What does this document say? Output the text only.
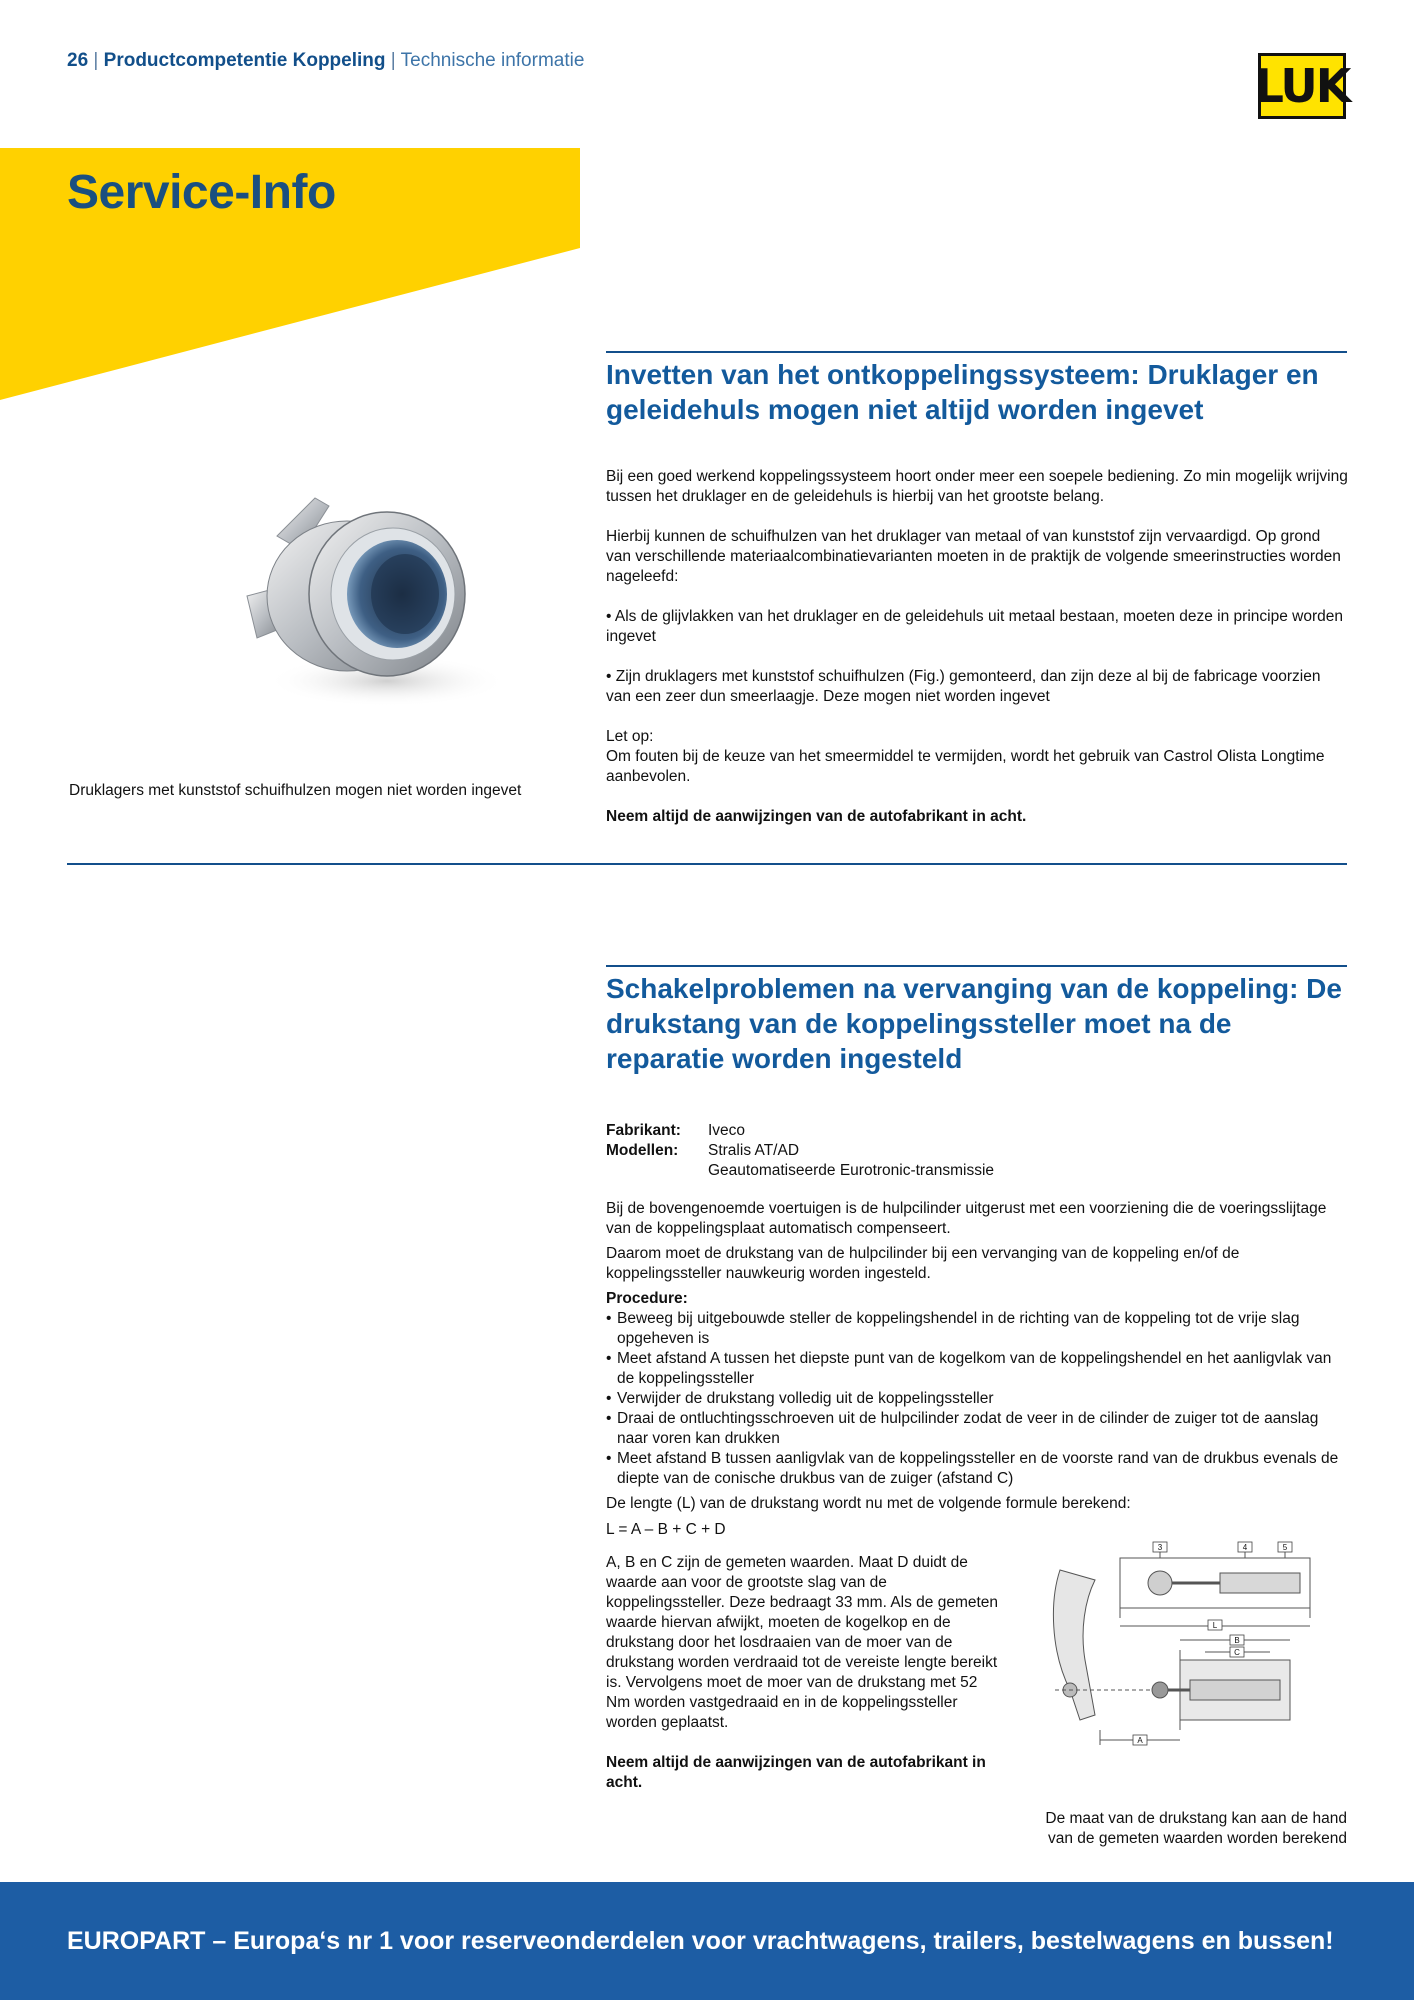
26 | Productcompetentie Koppeling | Technische informatie	LUK
Service-Info
Invetten van het ontkoppelingssysteem: Druklager en geleidehuls mogen niet altijd worden ingevet

Bij een goed werkend koppelingssysteem hoort onder meer een soepele bediening. Zo min mogelijk wrijving tussen het druklager en de geleidehuls is hierbij van het grootste belang.

Hierbij kunnen de schuifhulzen van het druklager van metaal of van kunststof zijn vervaardigd. Op grond van verschillende materiaalcombinatievarianten moeten in de praktijk de volgende smeerinstructies worden nageleefd:

• Als de glijvlakken van het druklager en de geleidehuls uit metaal bestaan, moeten deze in principe worden ingevet

• Zijn druklagers met kunststof schuifhulzen (Fig.) gemonteerd, dan zijn deze al bij de fabricage voorzien van een zeer dun smeerlaagje. Deze mogen niet worden ingevet

Let op:
Om fouten bij de keuze van het smeermiddel te vermijden, wordt het gebruik van Castrol Olista Longtime aanbevolen.

Neem altijd de aanwijzingen van de autofabrikant in acht.

Druklagers met kunststof schuifhulzen mogen niet worden ingevet
Schakelproblemen na vervanging van de koppeling: De drukstang van de koppelingssteller moet na de reparatie worden ingesteld
Fabrikant:	Iveco
Modellen:	Stralis AT/AD
	Geautomatiseerde Eurotronic-transmissie
Bij de bovengenoemde voertuigen is de hulpcilinder uitgerust met een voorziening die de voeringsslijtage van de koppelingsplaat automatisch compenseert.
Daarom moet de drukstang van de hulpcilinder bij een vervanging van de koppeling en/of de koppelingssteller nauwkeurig worden ingesteld.
Procedure:
• Beweeg bij uitgebouwde steller de koppelingshendel in de richting van de koppeling tot de vrije slag opgeheven is
• Meet afstand A tussen het diepste punt van de kogelkom van de koppelingshendel en het aanligvlak van de koppelingssteller
• Verwijder de drukstang volledig uit de koppelingssteller
• Draai de ontluchtingsschroeven uit de hulpcilinder zodat de veer in de cilinder de zuiger tot de aanslag naar voren kan drukken
• Meet afstand B tussen aanligvlak van de koppelingssteller en de voorste rand van de drukbus evenals de diepte van de conische drukbus van de zuiger (afstand C)
De lengte (L) van de drukstang wordt nu met de volgende formule berekend:
L = A – B + C + D
A, B en C zijn de gemeten waarden. Maat D duidt de waarde aan voor de grootste slag van de koppelingssteller. Deze bedraagt 33 mm. Als de gemeten waarde hiervan afwijkt, moeten de kogelkop en de drukstang door het losdraaien van de moer van de drukstang worden verdraaid tot de vereiste lengte bereikt is. Vervolgens moet de moer van de drukstang met 52 Nm worden vastgedraaid en in de koppelingssteller worden geplaatst.
Neem altijd de aanwijzingen van de autofabrikant in acht.
3	4	5
L
B
C
A
De maat van de drukstang kan aan de hand
van de gemeten waarden worden berekend
EUROPART – Europa‘s nr 1 voor reserveonderdelen voor vrachtwagens, trailers, bestelwagens en bussen!
